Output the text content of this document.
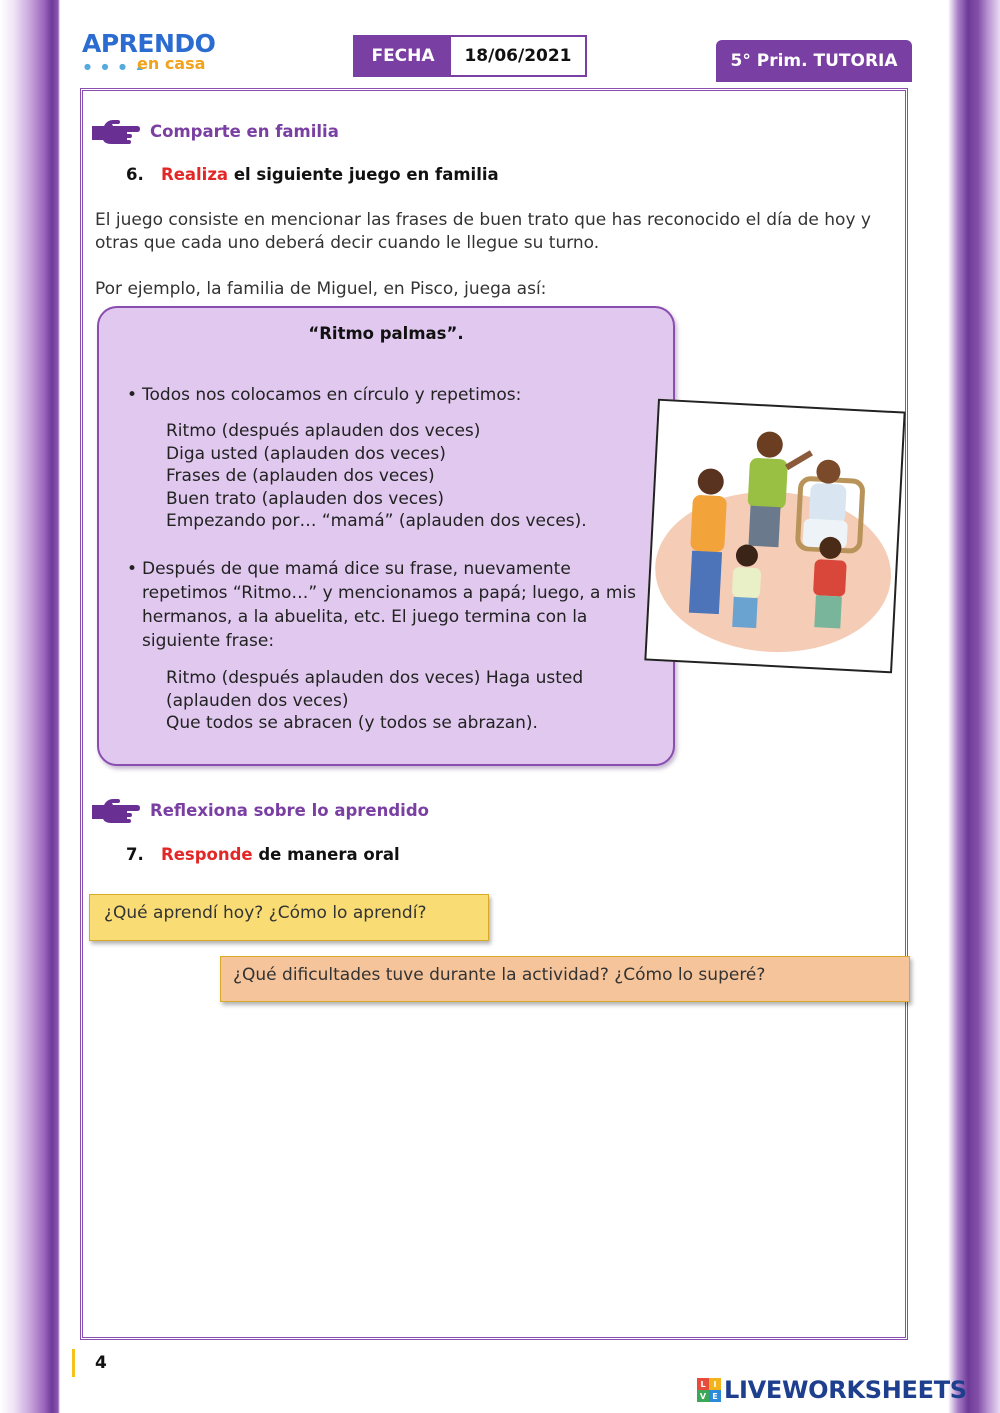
APRENDO
● ● ● ▲
en casa	FECHA	18/06/2021	5° Prim. TUTORIA
Comparte en familia
6. Realiza el siguiente juego en familia
El juego consiste en mencionar las frases de buen trato que has reconocido el día de hoy y otras que cada uno deberá decir cuando le llegue su turno.
Por ejemplo, la familia de Miguel, en Pisco, juega así:
“Ritmo palmas”.
• Todos nos colocamos en círculo y repetimos:
Ritmo (después aplauden dos veces)
Diga usted (aplauden dos veces)
Frases de (aplauden dos veces)
Buen trato (aplauden dos veces)
Empezando por… “mamá” (aplauden dos veces).
• Después de que mamá dice su frase, nuevamente repetimos “Ritmo…” y mencionamos a papá; luego, a mis hermanos, a la abuelita, etc. El juego termina con la siguiente frase:
Ritmo (después aplauden dos veces) Haga usted
(aplauden dos veces)
Que todos se abracen (y todos se abrazan).
Reflexiona sobre lo aprendido
7. Responde de manera oral
¿Qué aprendí hoy? ¿Cómo lo aprendí?
¿Qué dificultades tuve durante la actividad? ¿Cómo lo superé?
4
L I
V E LIVEWORKSHEETS
